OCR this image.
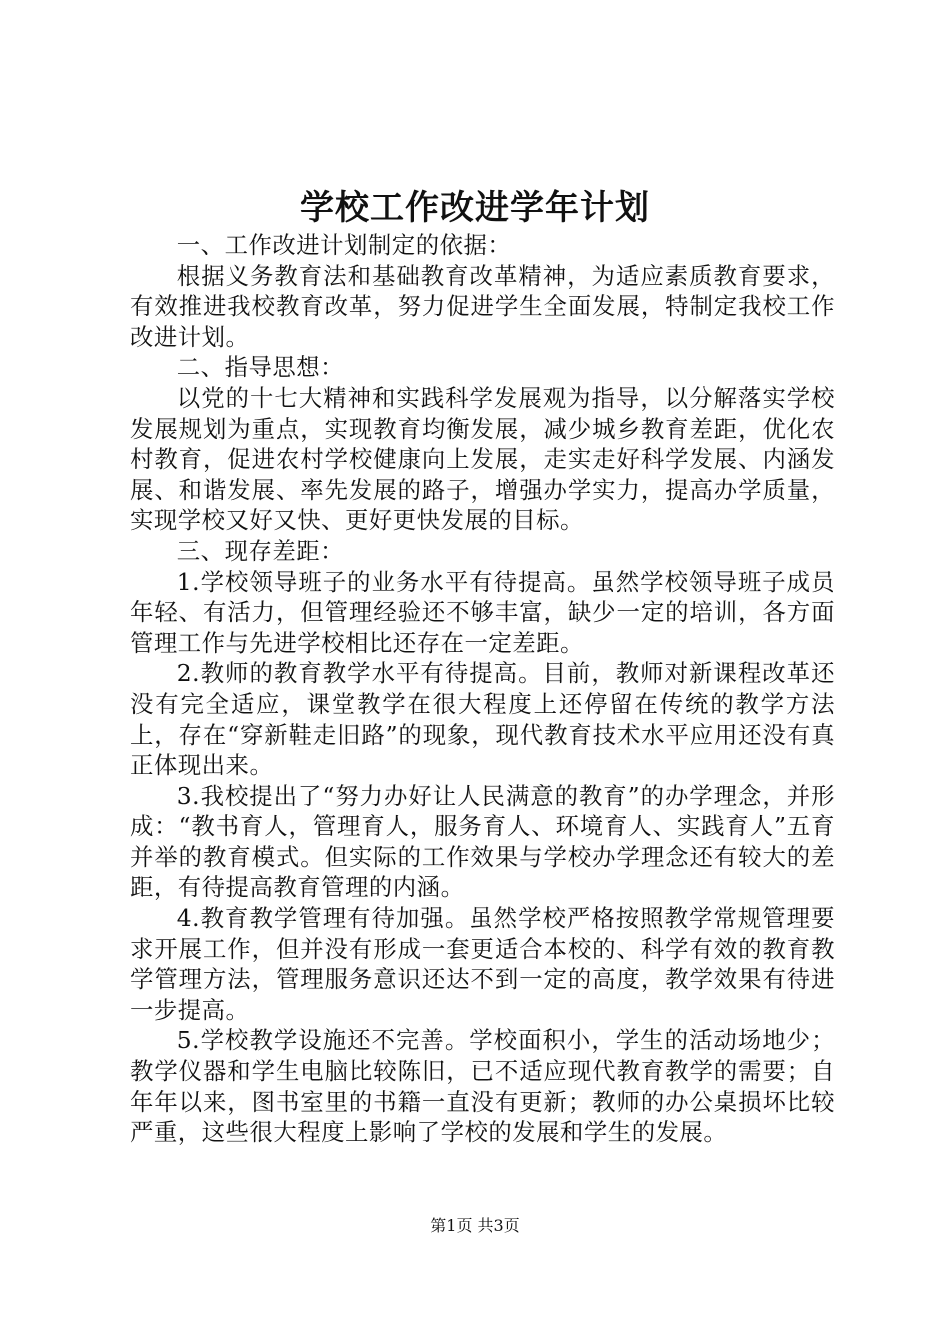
学校工作改进学年计划

一、工作改进计划制定的依据：

根据义务教育法和基础教育改革精神，为适应素质教育要求，有效推进我校教育改革，努力促进学生全面发展，特制定我校工作改进计划。

二、指导思想：

以党的十七大精神和实践科学发展观为指导，以分解落实学校发展规划为重点，实现教育均衡发展，减少城乡教育差距，优化农村教育，促进农村学校健康向上发展，走实走好科学发展、内涵发展、和谐发展、率先发展的路子，增强办学实力，提高办学质量，实现学校又好又快、更好更快发展的目标。

三、现存差距：

1.学校领导班子的业务水平有待提高。虽然学校领导班子成员年轻、有活力，但管理经验还不够丰富，缺少一定的培训，各方面管理工作与先进学校相比还存在一定差距。

2.教师的教育教学水平有待提高。目前，教师对新课程改革还没有完全适应，课堂教学在很大程度上还停留在传统的教学方法上，存在“穿新鞋走旧路”的现象，现代教育技术水平应用还没有真正体现出来。

3.我校提出了“努力办好让人民满意的教育”的办学理念，并形成：“教书育人，管理育人，服务育人、环境育人、实践育人”五育并举的教育模式。但实际的工作效果与学校办学理念还有较大的差距，有待提高教育管理的内涵。

4.教育教学管理有待加强。虽然学校严格按照教学常规管理要求开展工作，但并没有形成一套更适合本校的、科学有效的教育教学管理方法，管理服务意识还达不到一定的高度，教学效果有待进一步提高。

5.学校教学设施还不完善。学校面积小，学生的活动场地少；教学仪器和学生电脑比较陈旧，已不适应现代教育教学的需要；自年年以来，图书室里的书籍一直没有更新；教师的办公桌损坏比较严重，这些很大程度上影响了学校的发展和学生的发展。

第1页 共3页
